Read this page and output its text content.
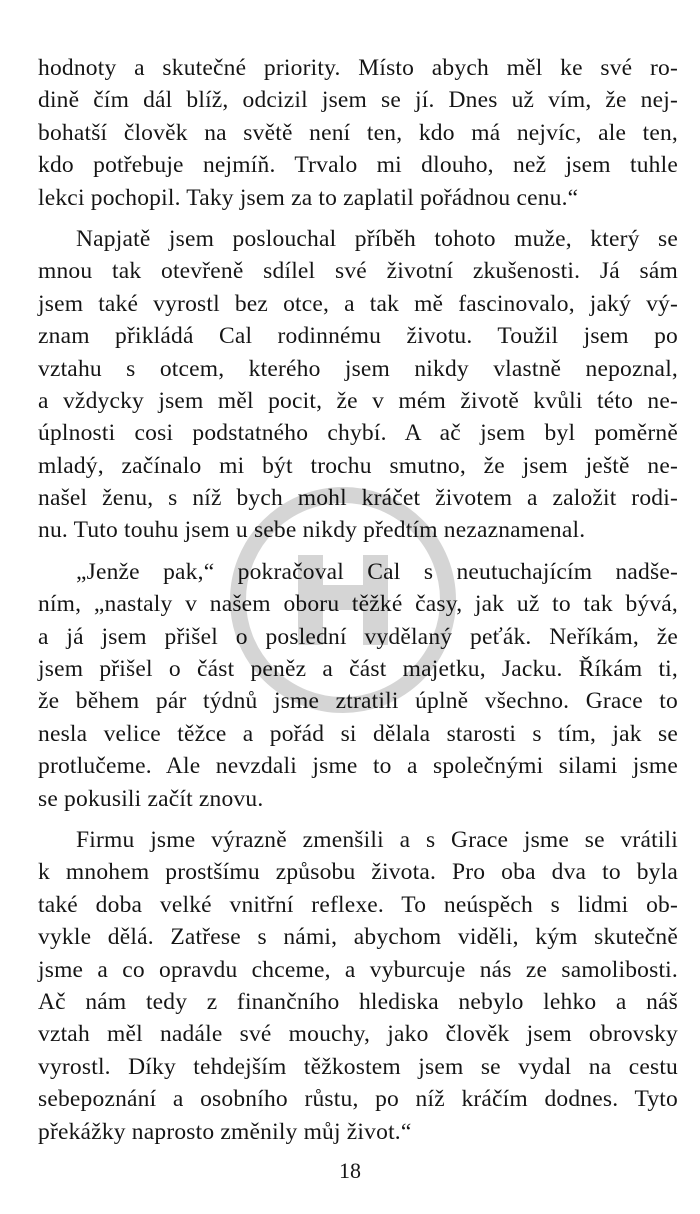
hodnoty a skutečné priority. Místo abych měl ke své ro-
dině čím dál blíž, odcizil jsem se jí. Dnes už vím, že nej-
bohatší člověk na světě není ten, kdo má nejvíc, ale ten,
kdo potřebuje nejmíň. Trvalo mi dlouho, než jsem tuhle
lekci pochopil. Taky jsem za to zaplatil pořádnou cenu.“
Napjatě jsem poslouchal příběh tohoto muže, který se
mnou tak otevřeně sdílel své životní zkušenosti. Já sám
jsem také vyrostl bez otce, a tak mě fascinovalo, jaký vý-
znam přikládá Cal rodinnému životu. Toužil jsem po
vztahu s otcem, kterého jsem nikdy vlastně nepoznal,
a vždycky jsem měl pocit, že v mém životě kvůli této ne-
úplnosti cosi podstatného chybí. A ač jsem byl poměrně
mladý, začínalo mi být trochu smutno, že jsem ještě ne-
našel ženu, s níž bych mohl kráčet životem a založit rodi-
nu. Tuto touhu jsem u sebe nikdy předtím nezaznamenal.
„Jenže pak,“ pokračoval Cal s neutuchajícím nadše-
ním, „nastaly v našem oboru těžké časy, jak už to tak bývá,
a já jsem přišel o poslední vydělaný peťák. Neříkám, že
jsem přišel o část peněz a část majetku, Jacku. Říkám ti,
že během pár týdnů jsme ztratili úplně všechno. Grace to
nesla velice těžce a pořád si dělala starosti s tím, jak se
protlučeme. Ale nevzdali jsme to a společnými silami jsme
se pokusili začít znovu.
Firmu jsme výrazně zmenšili a s Grace jsme se vrátili
k mnohem prostšímu způsobu života. Pro oba dva to byla
také doba velké vnitřní reflexe. To neúspěch s lidmi ob-
vykle dělá. Zatřese s námi, abychom viděli, kým skutečně
jsme a co opravdu chceme, a vyburcuje nás ze samolibosti.
Ač nám tedy z finančního hlediska nebylo lehko a náš
vztah měl nadále své mouchy, jako člověk jsem obrovsky
vyrostl. Díky tehdejším těžkostem jsem se vydal na cestu
sebepoznání a osobního růstu, po níž kráčím dodnes. Tyto
překážky naprosto změnily můj život.“
18
